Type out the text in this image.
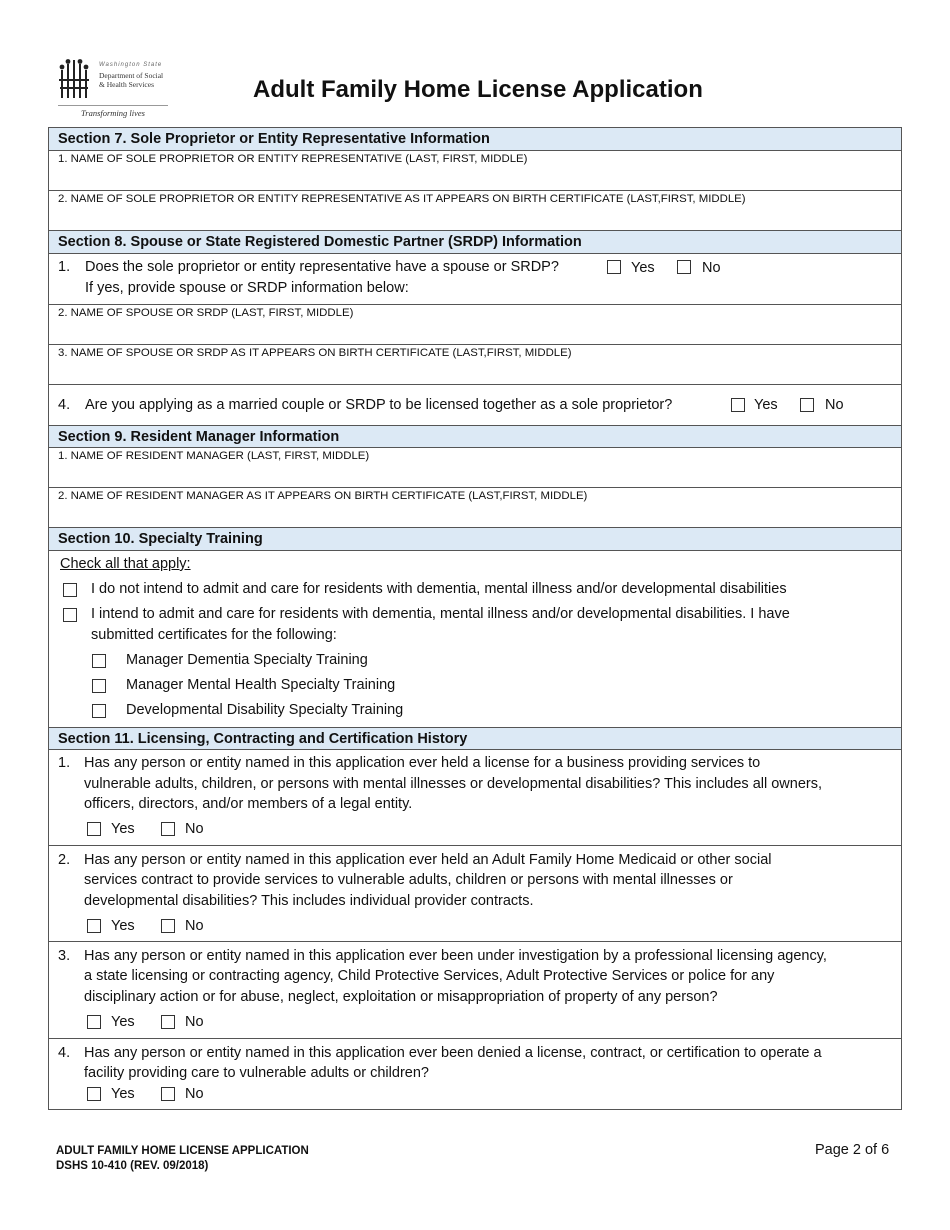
Washington State
Department of Social
& Health Services
Transforming lives
Adult Family Home License Application
Section 7. Sole Proprietor or Entity Representative Information
1. NAME OF SOLE PROPRIETOR OR ENTITY REPRESENTATIVE (LAST, FIRST, MIDDLE)
2. NAME OF SOLE PROPRIETOR OR ENTITY REPRESENTATIVE AS IT APPEARS ON BIRTH CERTIFICATE (LAST,FIRST, MIDDLE)
Section 8. Spouse or State Registered Domestic Partner (SRDP) Information
1. Does the sole proprietor or entity representative have a spouse or SRDP?	Yes	No
If yes, provide spouse or SRDP information below:
2. NAME OF SPOUSE OR SRDP (LAST, FIRST, MIDDLE)
3. NAME OF SPOUSE OR SRDP AS IT APPEARS ON BIRTH CERTIFICATE (LAST,FIRST, MIDDLE)
4. Are you applying as a married couple or SRDP to be licensed together as a sole proprietor?	Yes	No
Section 9. Resident Manager Information
1. NAME OF RESIDENT MANAGER (LAST, FIRST, MIDDLE)
2. NAME OF RESIDENT MANAGER AS IT APPEARS ON BIRTH CERTIFICATE (LAST,FIRST, MIDDLE)
Section 10. Specialty Training
Check all that apply:
I do not intend to admit and care for residents with dementia, mental illness and/or developmental disabilities
I intend to admit and care for residents with dementia, mental illness and/or developmental disabilities. I have
submitted certificates for the following:
Manager Dementia Specialty Training
Manager Mental Health Specialty Training
Developmental Disability Specialty Training
Section 11. Licensing, Contracting and Certification History
1. Has any person or entity named in this application ever held a license for a business providing services to
vulnerable adults, children, or persons with mental illnesses or developmental disabilities? This includes all owners,
officers, directors, and/or members of a legal entity.
Yes	No
2. Has any person or entity named in this application ever held an Adult Family Home Medicaid or other social
services contract to provide services to vulnerable adults, children or persons with mental illnesses or
developmental disabilities? This includes individual provider contracts.
Yes	No
3. Has any person or entity named in this application ever been under investigation by a professional licensing agency,
a state licensing or contracting agency, Child Protective Services, Adult Protective Services or police for any
disciplinary action or for abuse, neglect, exploitation or misappropriation of property of any person?
Yes	No
4. Has any person or entity named in this application ever been denied a license, contract, or certification to operate a
facility providing care to vulnerable adults or children?
Yes	No
ADULT FAMILY HOME LICENSE APPLICATION
DSHS 10-410 (REV. 09/2018)
Page 2 of 6
